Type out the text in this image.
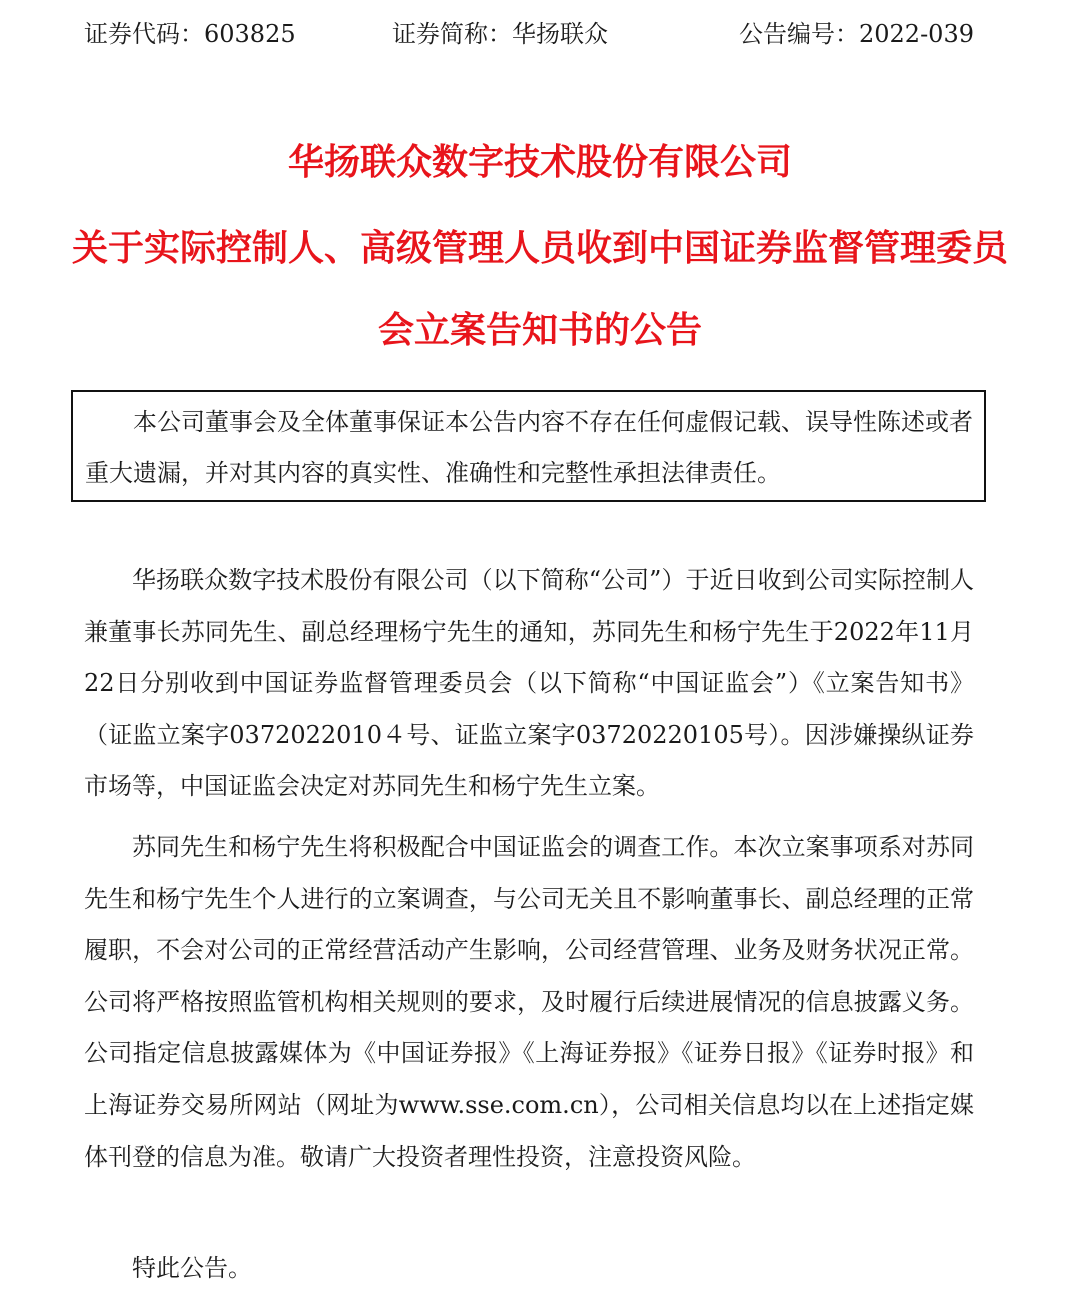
证券代码：603825	证券简称：华扬联众	公告编号：2022-039
华扬联众数字技术股份有限公司
关于实际控制人、高级管理人员收到中国证券监督管理委员会立案告知书的公告

本公司董事会及全体董事保证本公告内容不存在任何虚假记载、误导性陈述或者重大遗漏，并对其内容的真实性、准确性和完整性承担法律责任。

华扬联众数字技术股份有限公司（以下简称“公司”）于近日收到公司实际控制人兼董事长苏同先生、副总经理杨宁先生的通知，苏同先生和杨宁先生于2022年11月22日分别收到中国证券监督管理委员会（以下简称“中国证监会”）《立案告知书》（证监立案字0372022010４号、证监立案字03720220105号）。因涉嫌操纵证券市场等，中国证监会决定对苏同先生和杨宁先生立案。

苏同先生和杨宁先生将积极配合中国证监会的调查工作。本次立案事项系对苏同先生和杨宁先生个人进行的立案调查，与公司无关且不影响董事长、副总经理的正常履职，不会对公司的正常经营活动产生影响，公司经营管理、业务及财务状况正常。公司将严格按照监管机构相关规则的要求，及时履行后续进展情况的信息披露义务。公司指定信息披露媒体为《中国证券报》《上海证券报》《证券日报》《证券时报》和上海证券交易所网站（网址为www.sse.com.cn），公司相关信息均以在上述指定媒体刊登的信息为准。敬请广大投资者理性投资，注意投资风险。

特此公告。
